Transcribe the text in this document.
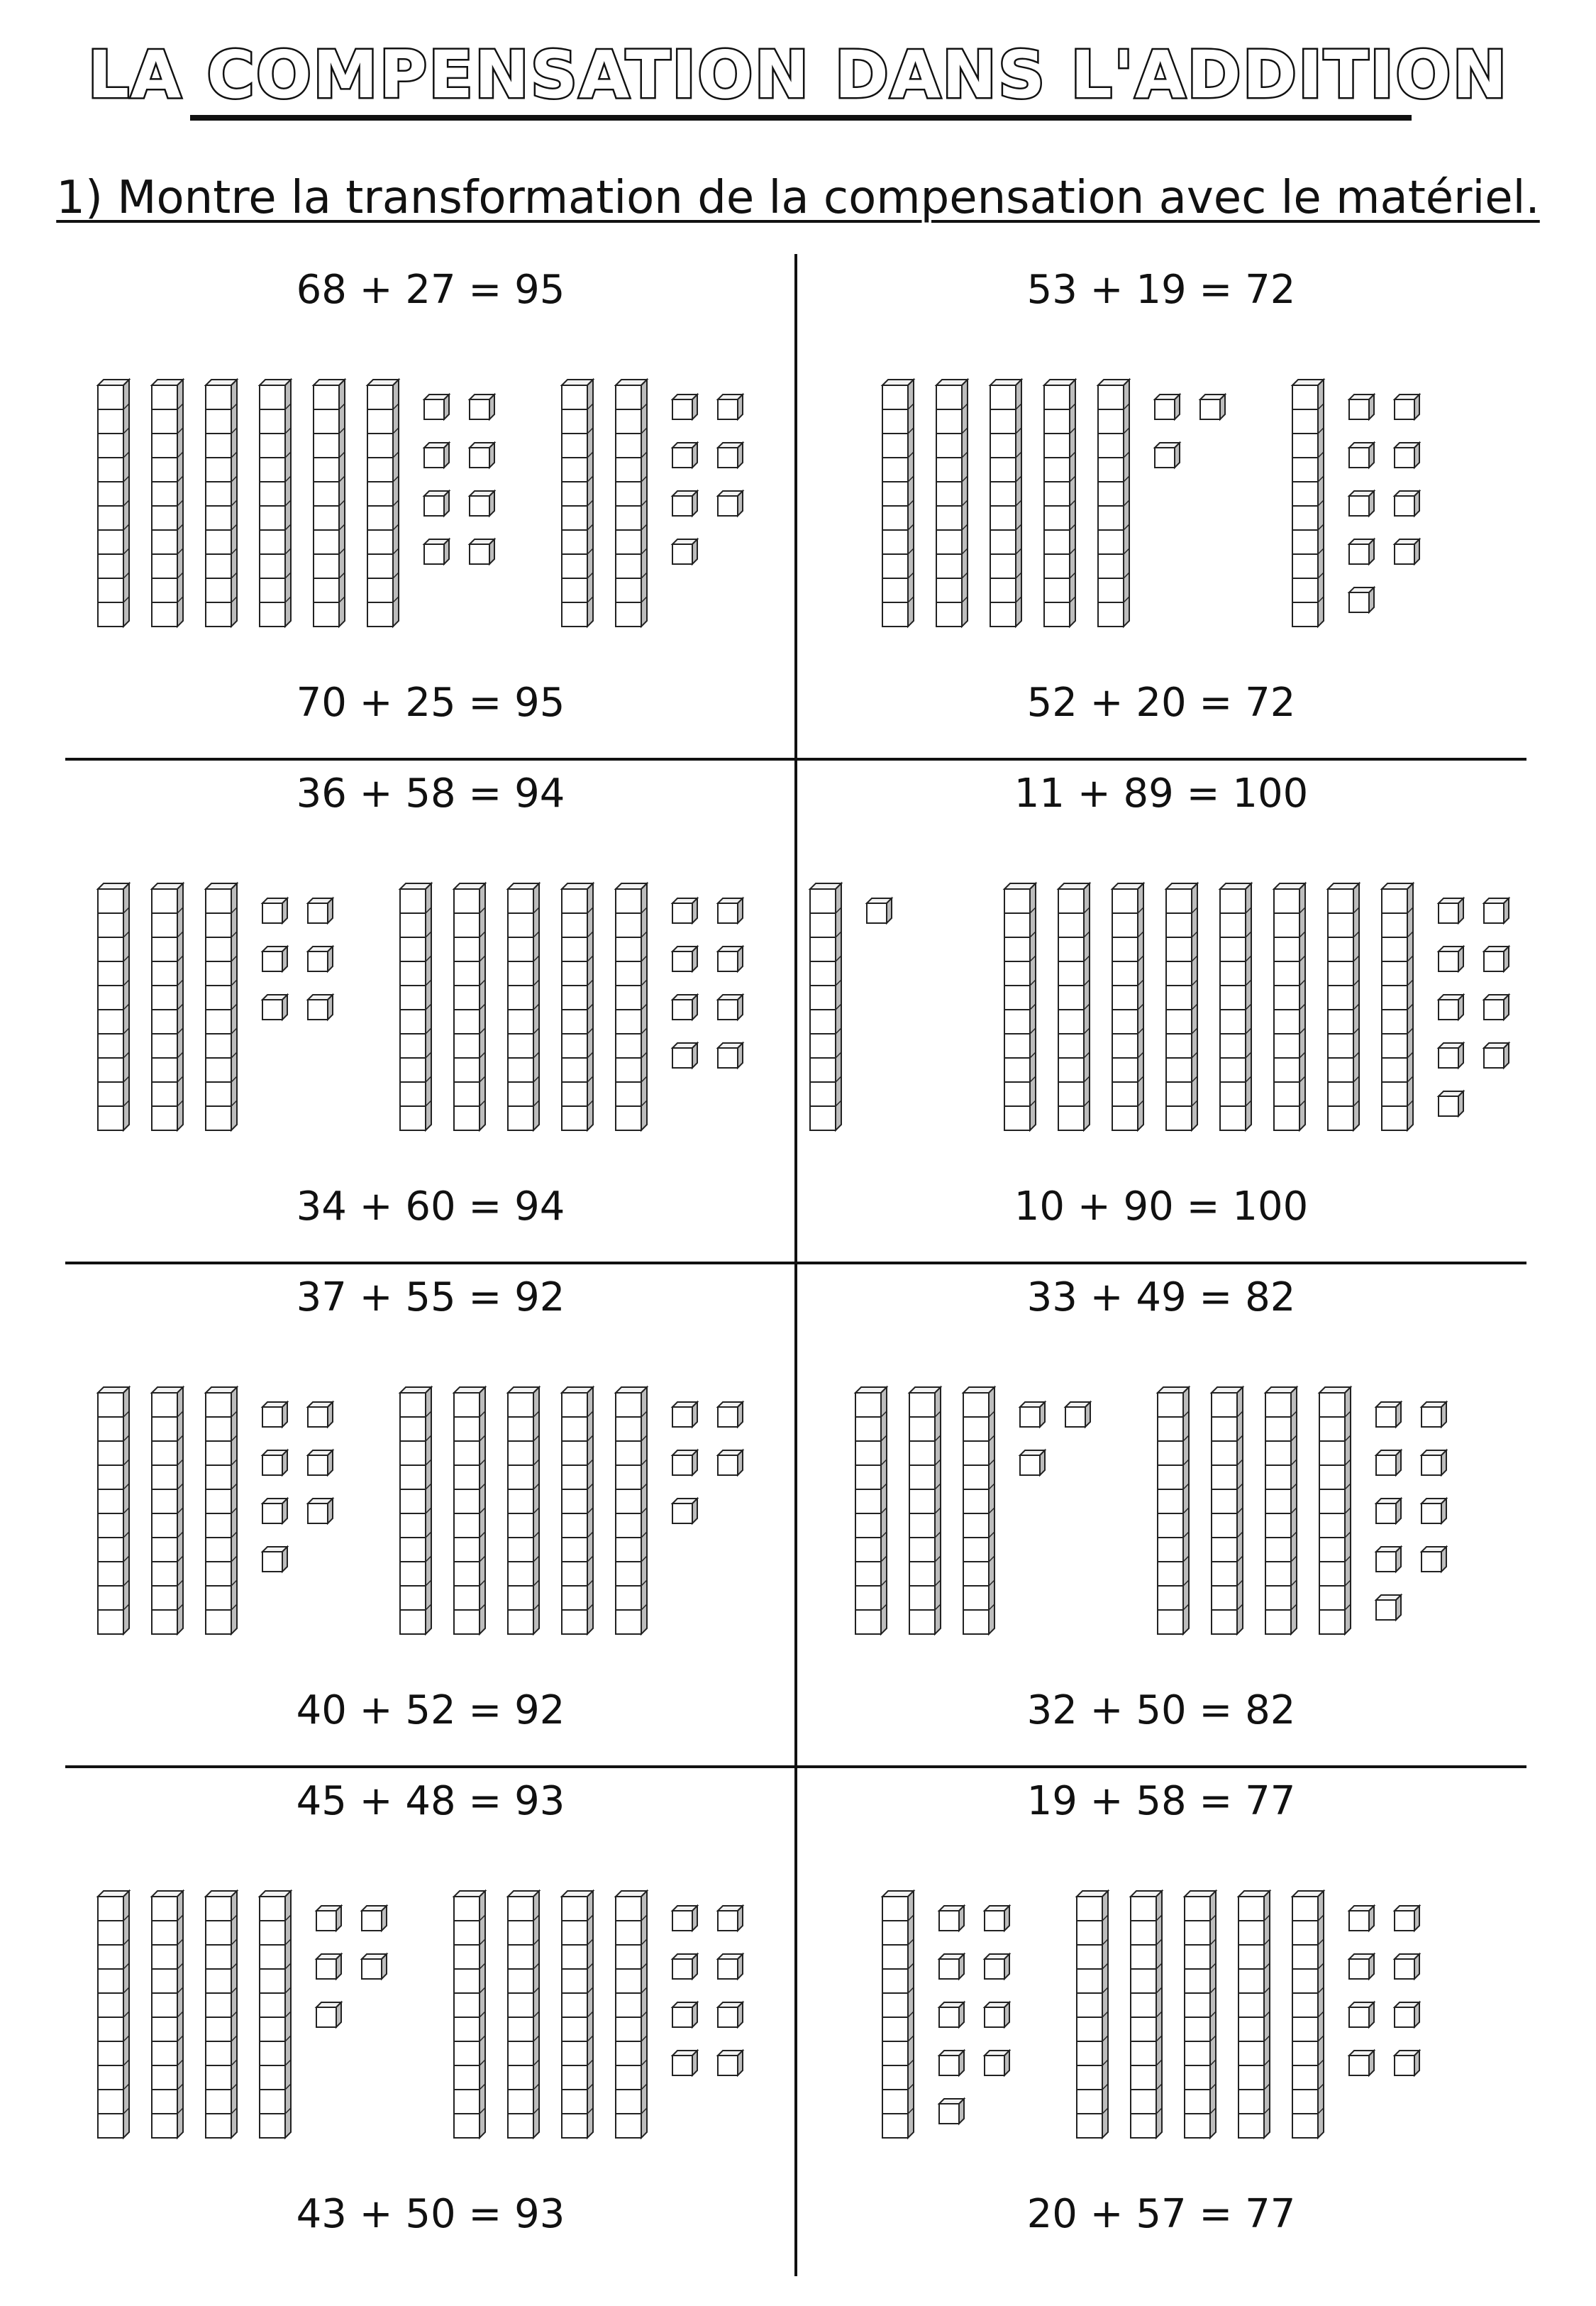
LA COMPENSATION DANS L'ADDITION
1) Montre la transformation de la compensation avec le matériel.
68 + 27 = 95
70 + 25 = 95
53 + 19 = 72
52 + 20 = 72
36 + 58 = 94
34 + 60 = 94
11 + 89 = 100
10 + 90 = 100
37 + 55 = 92
40 + 52 = 92
33 + 49 = 82
32 + 50 = 82
45 + 48 = 93
43 + 50 = 93
19 + 58 = 77
20 + 57 = 77
